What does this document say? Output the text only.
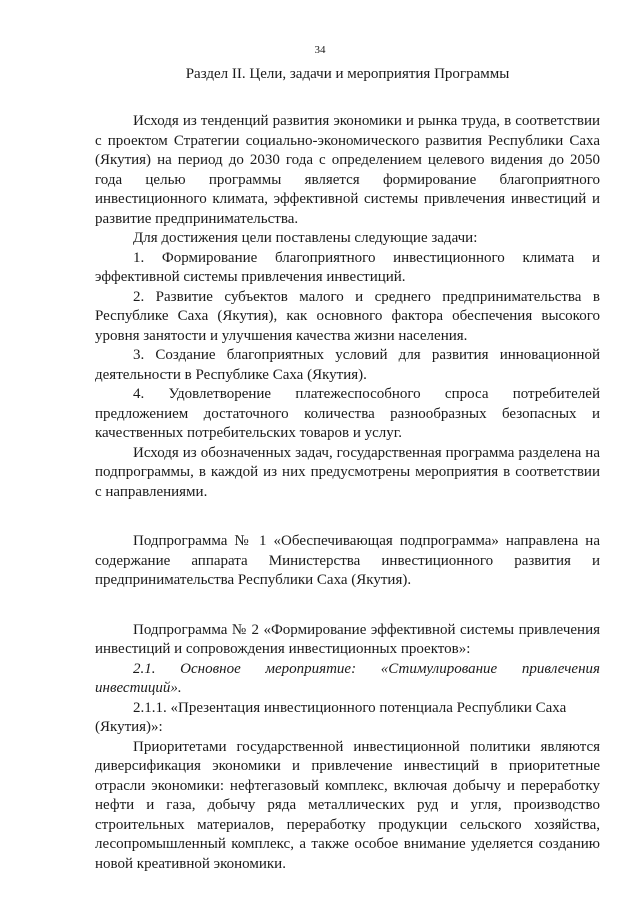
34
Раздел II. Цели, задачи и мероприятия Программы

Исходя из тенденций развития экономики и рынка труда, в соответствии с проектом Стратегии социально-экономического развития Республики Саха (Якутия) на период до 2030 года с определением целевого видения до 2050 года целью программы является формирование благоприятного инвестиционного климата, эффективной системы привлечения инвестиций и развитие предпринимательства.

Для достижения цели поставлены следующие задачи:

1. Формирование благоприятного инвестиционного климата и эффективной системы привлечения инвестиций.

2. Развитие субъектов малого и среднего предпринимательства в Республике Саха (Якутия), как основного фактора обеспечения высокого уровня занятости и улучшения качества жизни населения.

3. Создание благоприятных условий для развития инновационной деятельности в Республике Саха (Якутия).

4. Удовлетворение платежеспособного спроса потребителей предложением достаточного количества разнообразных безопасных и качественных потребительских товаров и услуг.

Исходя из обозначенных задач, государственная программа разделена на подпрограммы, в каждой из них предусмотрены мероприятия в соответствии с направлениями.

Подпрограмма № 1 «Обеспечивающая подпрограмма» направлена на содержание аппарата Министерства инвестиционного развития и предпринимательства Республики Саха (Якутия).

Подпрограмма № 2 «Формирование эффективной системы привлечения инвестиций и сопровождения инвестиционных проектов»:

2.1. Основное мероприятие: «Стимулирование привлечения инвестиций».

2.1.1. «Презентация инвестиционного потенциала Республики Саха (Якутия)»:

Приоритетами государственной инвестиционной политики являются диверсификация экономики и привлечение инвестиций в приоритетные отрасли экономики: нефтегазовый комплекс, включая добычу и переработку нефти и газа, добычу ряда металлических руд и угля, производство строительных материалов, переработку продукции сельского хозяйства, лесопромышленный комплекс, а также особое внимание уделяется созданию новой креативной экономики.
